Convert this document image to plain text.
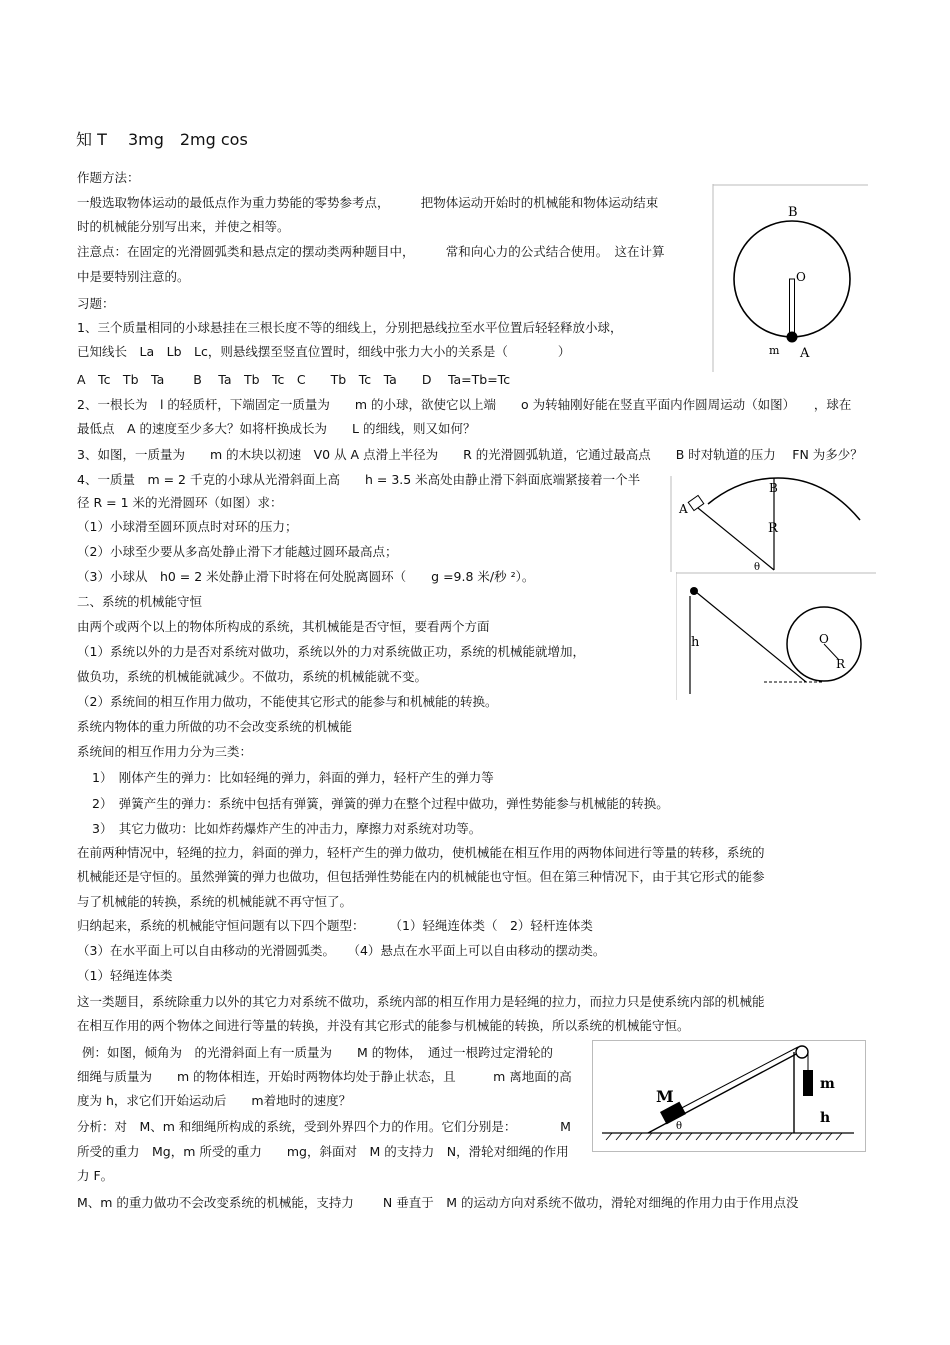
知 T　 3mg　2mg cos

作题方法：

一般选取物体运动的最低点作为重力势能的零势参考点，　　　把物体运动开始时的机械能和物体运动结束

时的机械能分别写出来，并使之相等。

注意点：在固定的光滑圆弧类和悬点定的摆动类两种题目中，　　　常和向心力的公式结合使用。　这在计算

中是要特别注意的。

习题：

1、三个质量相同的小球悬挂在三根长度不等的细线上，分别把悬线拉至水平位置后轻轻释放小球，

已知线长　La　Lb　Lc，则悬线摆至竖直位置时，细线中张力大小的关系是（　　　　）

A　Tc　Tb　Ta　　 B　 Ta　Tb　Tc　C　　Tb　Tc　Ta　　D　 Ta=Tb=Tc

2、一根长为　l 的轻质杆，下端固定一质量为　　m 的小球，欲使它以上端　　o 为转轴刚好能在竖直平面内作圆周运动（如图）　　，球在

最低点　A 的速度至少多大？如将杆换成长为　　L 的细线，则又如何？

3、如图，一质量为　　m 的木块以初速　V0 从 A 点滑上半径为　　R 的光滑圆弧轨道，它通过最高点　　B 时对轨道的压力　 FN 为多少？

4、一质量　m = 2 千克的小球从光滑斜面上高　　h = 3.5 米高处由静止滑下斜面底端紧接着一个半

径 R = 1 米的光滑圆环（如图）求：

（1）小球滑至圆环顶点时对环的压力；

（2）小球至少要从多高处静止滑下才能越过圆环最高点；

（3）小球从　h0 = 2 米处静止滑下时将在何处脱离圆环（　　g =9.8 米/秒 ²）。

二、系统的机械能守恒

由两个或两个以上的物体所构成的系统，其机械能是否守恒，要看两个方面

（1）系统以外的力是否对系统对做功，系统以外的力对系统做正功，系统的机械能就增加，

做负功，系统的机械能就减少。不做功，系统的机械能就不变。

（2）系统间的相互作用力做功，不能使其它形式的能参与和机械能的转换。

系统内物体的重力所做的功不会改变系统的机械能

系统间的相互作用力分为三类：

1）　刚体产生的弹力：比如轻绳的弹力，斜面的弹力，轻杆产生的弹力等

2）　弹簧产生的弹力：系统中包括有弹簧，弹簧的弹力在整个过程中做功，弹性势能参与机械能的转换。

3）　其它力做功：比如炸药爆炸产生的冲击力，摩擦力对系统对功等。

在前两种情况中，轻绳的拉力，斜面的弹力，轻杆产生的弹力做功，使机械能在相互作用的两物体间进行等量的转移，系统的

机械能还是守恒的。虽然弹簧的弹力也做功，但包括弹性势能在内的机械能也守恒。但在第三种情况下，由于其它形式的能参

与了机械能的转换，系统的机械能就不再守恒了。

归纳起来，系统的机械能守恒问题有以下四个题型：　　　（1）轻绳连体类（　2）轻杆连体类

（3）在水平面上可以自由移动的光滑圆弧类。　　（4）悬点在水平面上可以自由移动的摆动类。

（1）轻绳连体类

这一类题目，系统除重力以外的其它力对系统不做功，系统内部的相互作用力是轻绳的拉力，而拉力只是使系统内部的机械能

在相互作用的两个物体之间进行等量的转换，并没有其它形式的能参与机械能的转换，所以系统的机械能守恒。

例：如图，倾角为　的光滑斜面上有一质量为　　M 的物体，　通过一根跨过定滑轮的

细绳与质量为　　m 的物体相连，开始时两物体均处于静止状态，且　　　m 离地面的高

度为 h，求它们开始运动后　　m着地时的速度？

分析：对　M、m 和细绳所构成的系统，受到外界四个力的作用。它们分别是：　　　　M

所受的重力　Mg，m 所受的重力　　mg，斜面对　M 的支持力　N，滑轮对细绳的作用

力 F。

M、m 的重力做功不会改变系统的机械能，支持力　　 N 垂直于　M 的运动方向对系统不做功，滑轮对细绳的作用力由于作用点没

B
O
A
m
A
B
R
θ
h	O
R
M
m
h
θ
